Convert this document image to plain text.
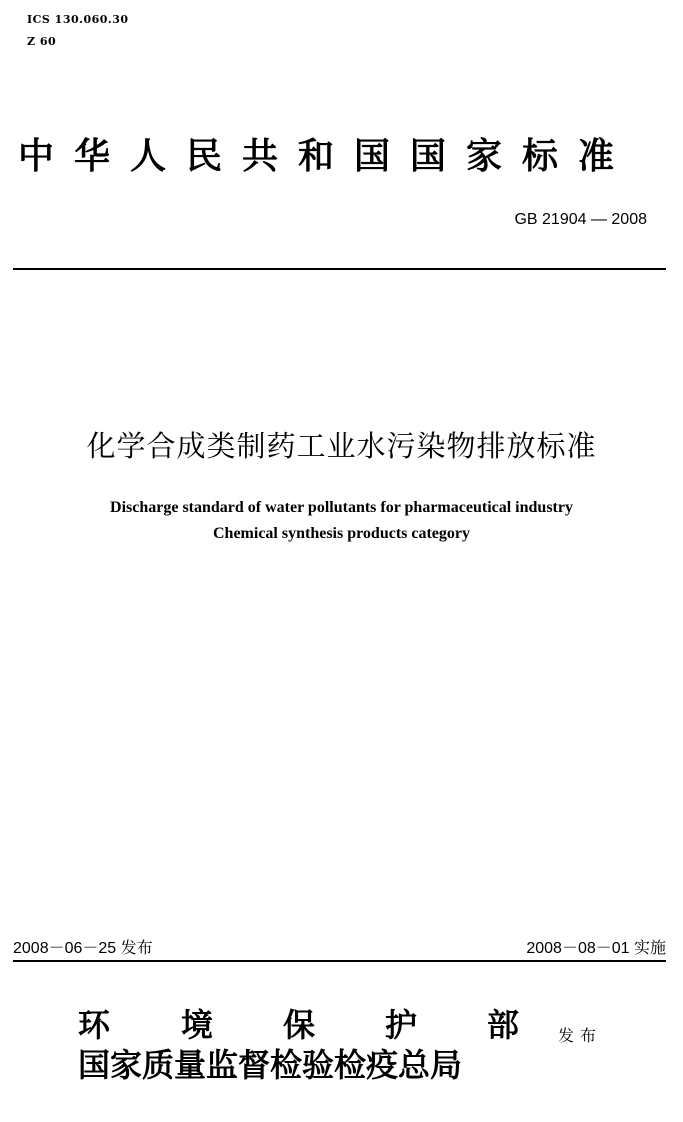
ICS 130.060.30
Z 60
中华人民共和国国家标准
GB 21904 — 2008
化学合成类制药工业水污染物排放标准
Discharge standard of water pollutants for pharmaceutical industry
Chemical synthesis products category
2008－06－25 发布	2008－08－01 实施
环 境 保 护 部
国家质量监督检验检疫总局
发布
